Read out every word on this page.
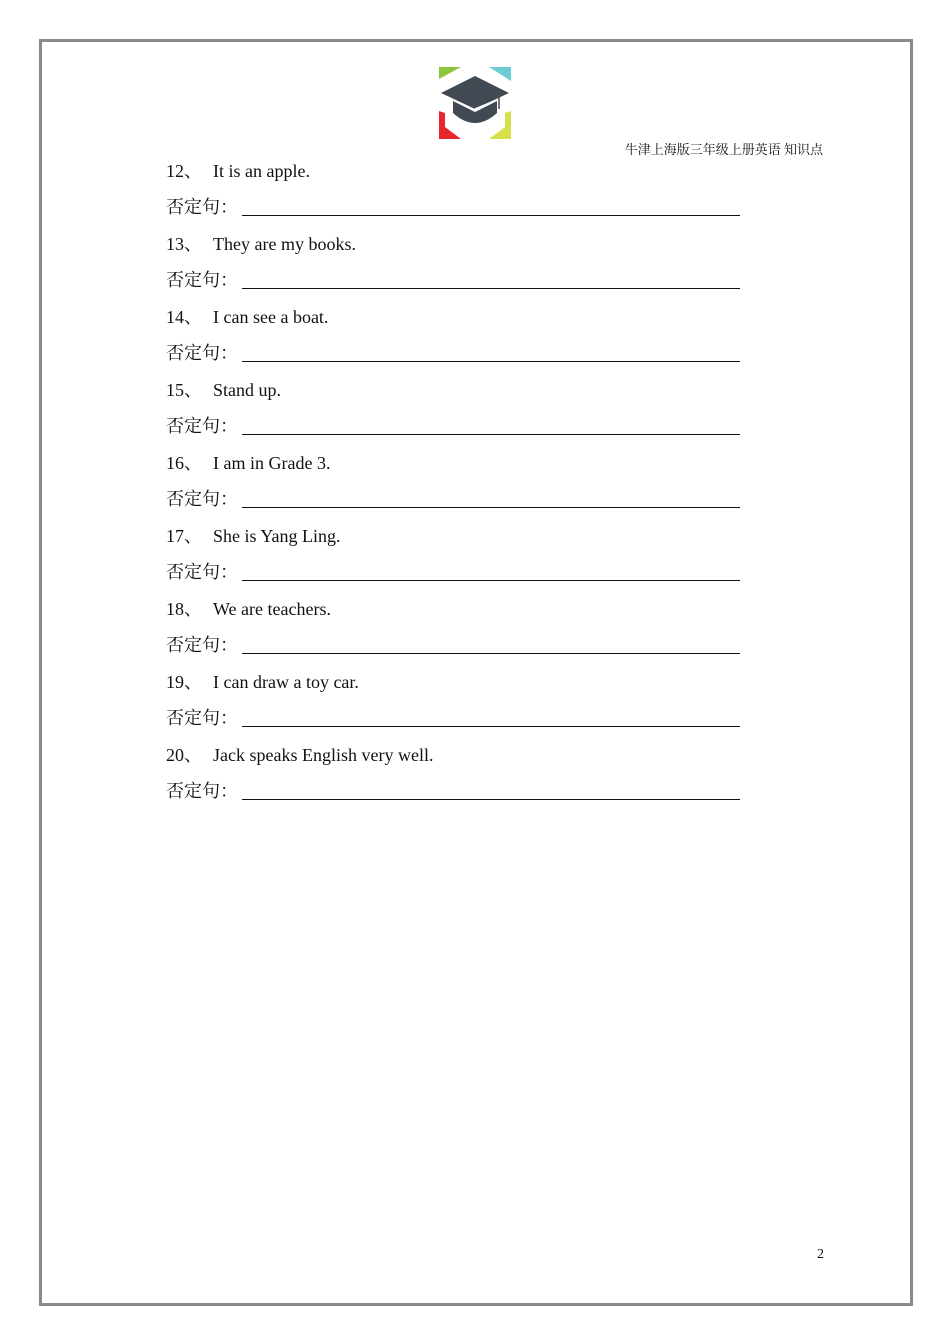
牛津上海版三年级上册英语 知识点
12、 It is an apple.
否定句：
13、 They are my books.
否定句：
14、 I can see a boat.
否定句：
15、 Stand up.
否定句：
16、 I am in Grade 3.
否定句：
17、 She is Yang Ling.
否定句：
18、 We are teachers.
否定句：
19、 I can draw a toy car.
否定句：
20、 Jack speaks English very well.
否定句：
2
